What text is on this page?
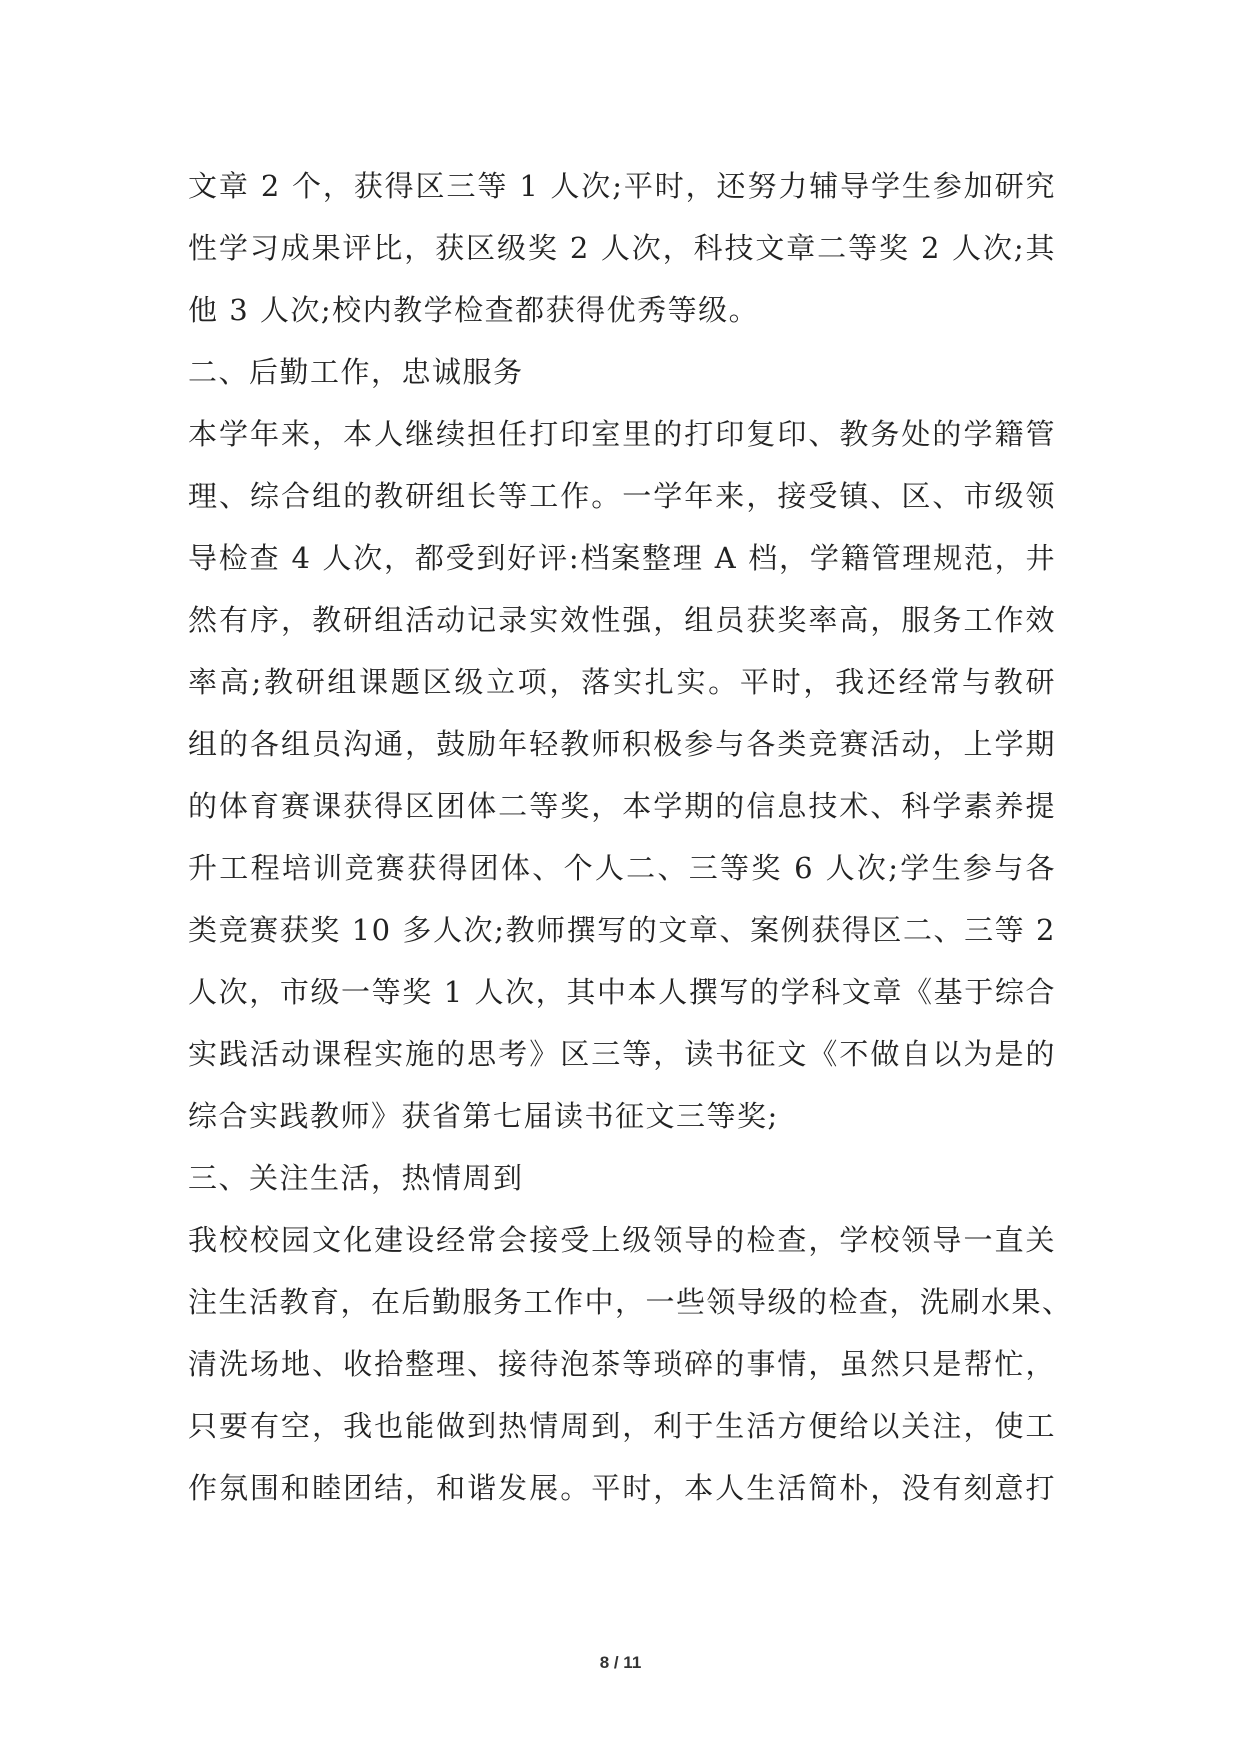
文章 2 个，获得区三等 1 人次;平时，还努力辅导学生参加研究
性学习成果评比，获区级奖 2 人次，科技文章二等奖 2 人次;其
他 3 人次;校内教学检查都获得优秀等级。
二、后勤工作，忠诚服务
本学年来，本人继续担任打印室里的打印复印、教务处的学籍管
理、综合组的教研组长等工作。一学年来，接受镇、区、市级领
导检查 4 人次，都受到好评:档案整理 A 档，学籍管理规范，井
然有序，教研组活动记录实效性强，组员获奖率高，服务工作效
率高;教研组课题区级立项，落实扎实。平时，我还经常与教研
组的各组员沟通，鼓励年轻教师积极参与各类竞赛活动，上学期
的体育赛课获得区团体二等奖，本学期的信息技术、科学素养提
升工程培训竞赛获得团体、个人二、三等奖 6 人次;学生参与各
类竞赛获奖 10 多人次;教师撰写的文章、案例获得区二、三等 2
人次，市级一等奖 1 人次，其中本人撰写的学科文章《基于综合
实践活动课程实施的思考》区三等，读书征文《不做自以为是的
综合实践教师》获省第七届读书征文三等奖;
三、关注生活，热情周到
我校校园文化建设经常会接受上级领导的检查，学校领导一直关
注生活教育，在后勤服务工作中，一些领导级的检查，洗刷水果、
清洗场地、收拾整理、接待泡茶等琐碎的事情，虽然只是帮忙，
只要有空，我也能做到热情周到，利于生活方便给以关注，使工
作氛围和睦团结，和谐发展。平时，本人生活简朴，没有刻意打
8 / 11
